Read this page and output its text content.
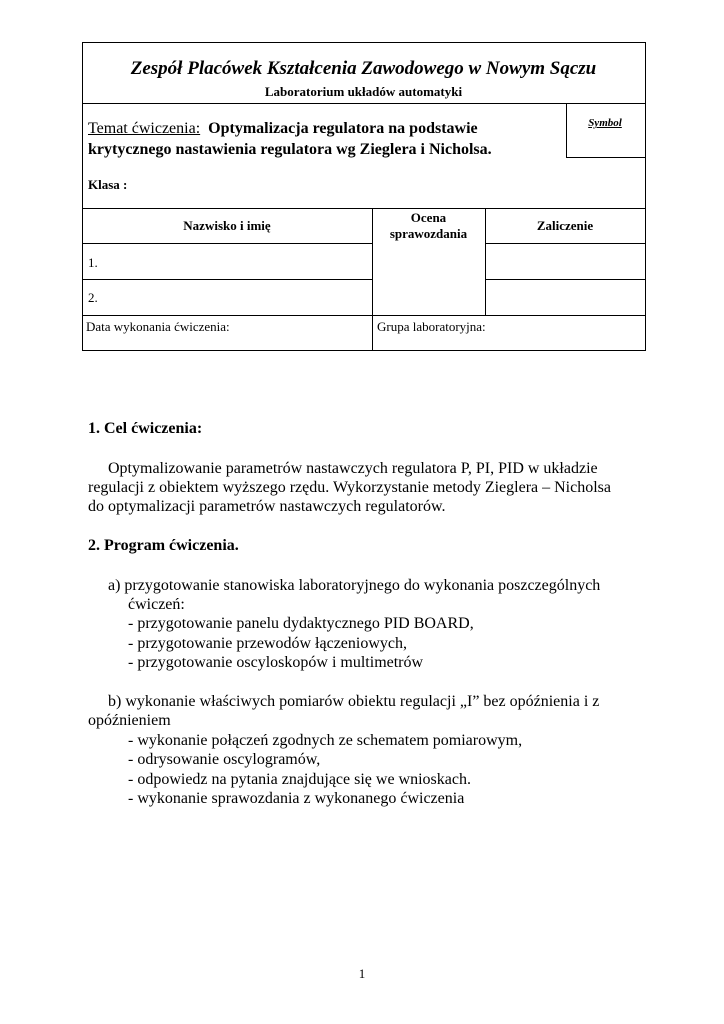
Zespół Placówek Kształcenia Zawodowego w Nowym Sączu
Laboratorium układów automatyki
Temat ćwiczenia: Optymalizacja regulatora na podstawie
krytycznego nastawienia regulatora wg Zieglera i Nicholsa.
Symbol
Klasa :
Nazwisko i imię
Ocena
sprawozdania
Zaliczenie
1.
2.
Data wykonania ćwiczenia:	Grupa laboratoryjna:
1. Cel ćwiczenia:
Optymalizowanie parametrów nastawczych regulatora P, PI, PID w układzie
regulacji z obiektem wyższego rzędu. Wykorzystanie metody Zieglera – Nicholsa
do optymalizacji parametrów nastawczych regulatorów.
2. Program ćwiczenia.
a) przygotowanie stanowiska laboratoryjnego do wykonania poszczególnych
ćwiczeń:
- przygotowanie panelu dydaktycznego PID BOARD,
- przygotowanie przewodów łączeniowych,
- przygotowanie oscyloskopów i multimetrów
b) wykonanie właściwych pomiarów obiektu regulacji „I” bez opóźnienia i z
opóźnieniem
- wykonanie połączeń zgodnych ze schematem pomiarowym,
- odrysowanie oscylogramów,
- odpowiedz na pytania znajdujące się we wnioskach.
- wykonanie sprawozdania z wykonanego ćwiczenia
1
